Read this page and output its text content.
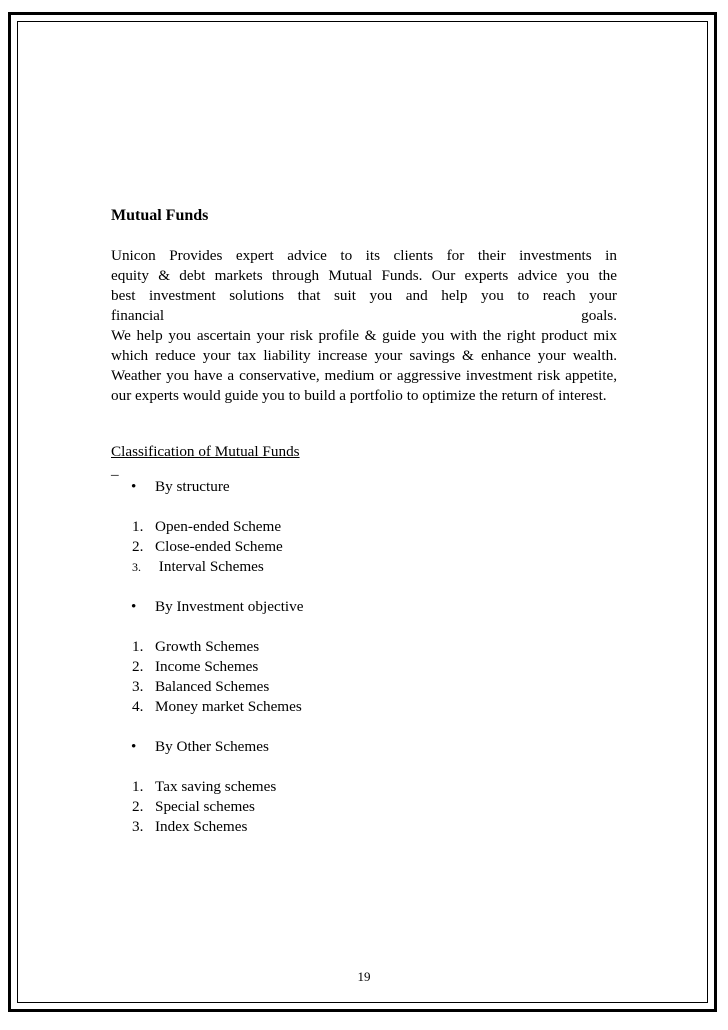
Mutual Funds
Unicon Provides expert advice to its clients for their investments in
equity & debt markets through Mutual Funds. Our experts advice you the
best investment solutions that suit you and help you to reach your
financial goals.
We help you ascertain your risk profile & guide you with the right product mix which reduce your tax liability increase your savings & enhance your wealth. Weather you have a conservative, medium or aggressive investment risk appetite, our experts would guide you to build a portfolio to optimize the return of interest.
Classification of Mutual Funds
_
• By structure
1. Open-ended Scheme
2. Close-ended Scheme
3. Interval Schemes
• By Investment objective
1. Growth Schemes
2. Income Schemes
3. Balanced Schemes
4. Money market Schemes
• By Other Schemes
1. Tax saving schemes
2. Special schemes
3. Index Schemes
19
